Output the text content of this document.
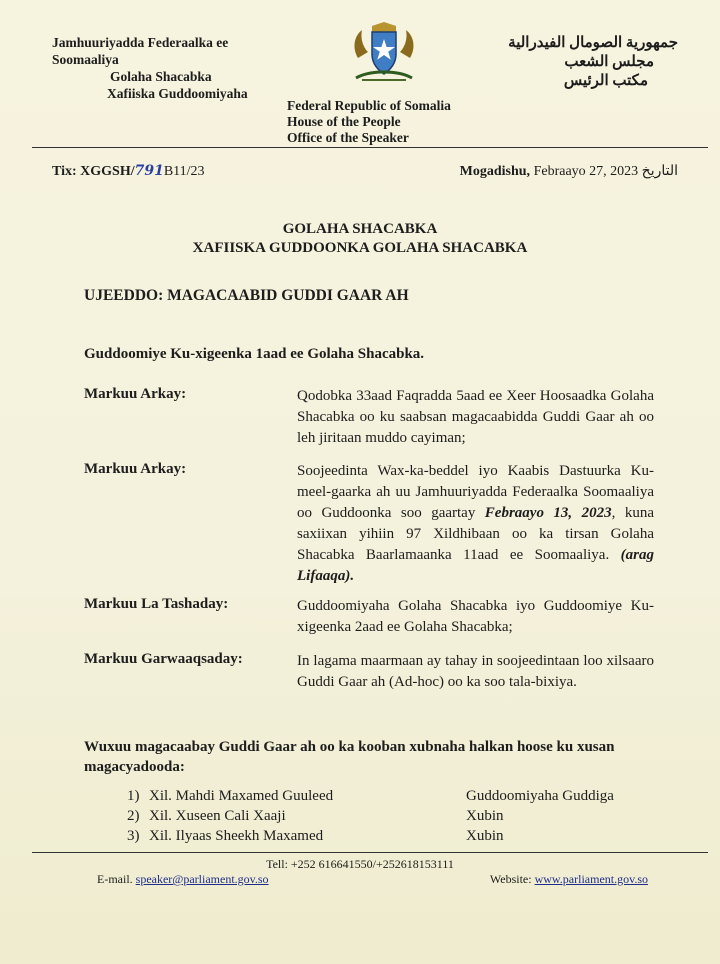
Jamhuuriyadda Federaalka ee

Soomaaliya
Golaha Shacabka
Xafiiska Guddoomiyaha
جمهورية الصومال الفيدرالية
مجلس الشعب
مكتب الرئيس
Federal Republic of Somalia
House of the People
Office of the Speaker
Tix: XGGSH/791B11/23	Mogadishu, Febraayo 27, 2023 التاريخ
GOLAHA SHACABKA
XAFIISKA GUDDOONKA GOLAHA SHACABKA
UJEEDDO: MAGACAABID GUDDI GAAR AH
Guddoomiye Ku-xigeenka 1aad ee Golaha Shacabka.
Markuu Arkay:	Qodobka 33aad Faqradda 5aad ee Xeer Hoosaadka Golaha Shacabka oo ku saabsan magacaabidda Guddi Gaar ah oo leh jiritaan muddo cayiman;
Markuu Arkay:	Soojeedinta Wax-ka-beddel iyo Kaabis Dastuurka Ku-meel-gaarka ah uu Jamhuuriyadda Federaalka Soomaaliya oo Guddoonka soo gaartay Febraayo 13, 2023, kuna saxiixan yihiin 97 Xildhibaan oo ka tirsan Golaha Shacabka Baarlamaanka 11aad ee Soomaaliya. (arag Lifaaqa).
Markuu La Tashaday:	Guddoomiyaha Golaha Shacabka iyo Guddoomiye Ku-xigeenka 2aad ee Golaha Shacabka;
Markuu Garwaaqsaday:	In lagama maarmaan ay tahay in soojeedintaan loo xilsaaro Guddi Gaar ah (Ad-hoc) oo ka soo tala-bixiya.
Wuxuu magacaabay Guddi Gaar ah oo ka kooban xubnaha halkan hoose ku xusan magacyadooda:
1) Xil. Mahdi Maxamed Guuleed	Guddoomiyaha Guddiga
2) Xil. Xuseen Cali Xaaji	Xubin
3) Xil. Ilyaas Sheekh Maxamed	Xubin
Tell: +252 616641550/+252618153111
E-mail. speaker@parliament.gov.so	Website: www.parliament.gov.so
